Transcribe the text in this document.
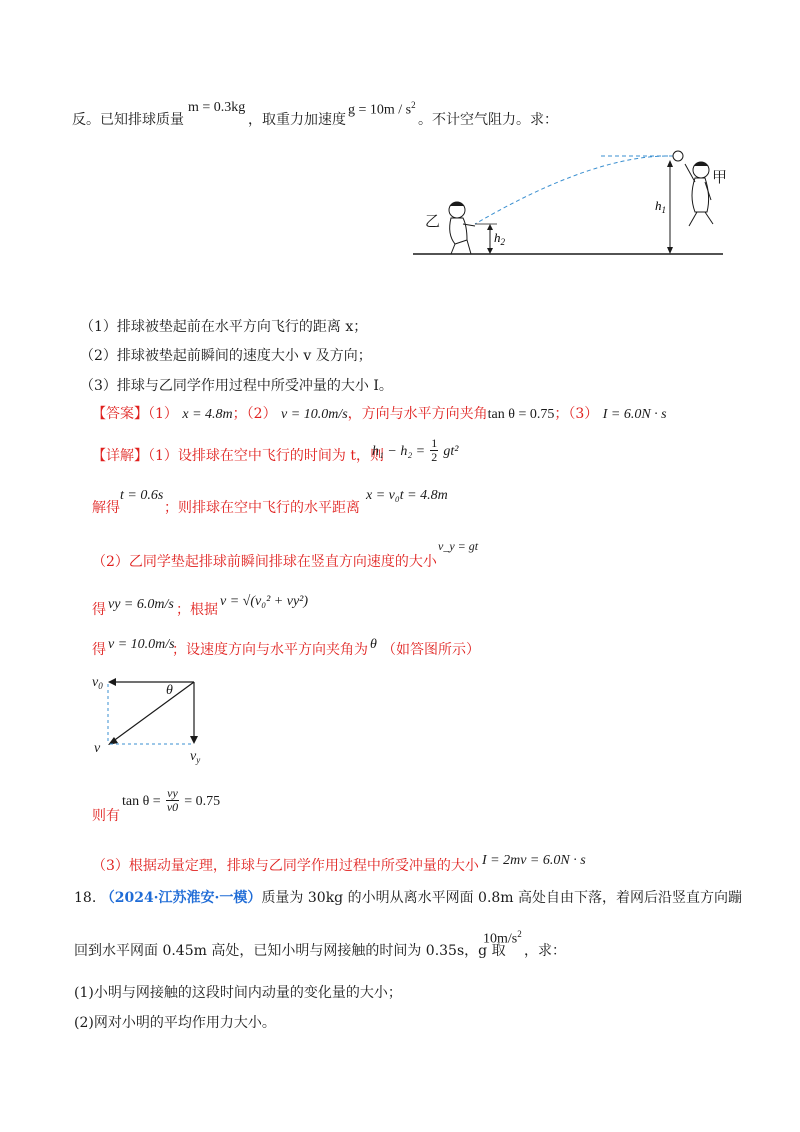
反。已知排球质量
m = 0.3kg
，取重力加速度
$g = 10m / s^2$
。不计空气阻力。求：
$h_1$
$h_2$
甲
乙
（1）排球被垫起前在水平方向飞行的距离 x；
（2）排球被垫起前瞬间的速度大小 v 及方向；
（3）排球与乙同学作用过程中所受冲量的大小 I。
【答案】（1） x = 4.8m；（2） v = 10.0m/s，方向与水平方向夹角tan θ = 0.75；（3） I = 6.0N · s
【详解】（1）设排球在空中飞行的时间为 t，则
$h_1 - h_2 = \frac{1}{2} gt^2$
解得
t = 0.6s
；则排球在空中飞行的水平距离
x = v₀t = 4.8m
（2）乙同学垫起排球前瞬间排球在竖直方向速度的大小
v_y = gt
得 vy = 6.0m/s ；根据
v = √(v₀² + vy²)
得 v = 10.0m/s
；设速度方向与水平方向夹角为 θ （如答图所示）
$v_0$	θ
v
$v_y$
则有
$\tan \theta = \frac{vy}{v0} = 0.75$
（3）根据动量定理，排球与乙同学作用过程中所受冲量的大小 I = 2mv = 6.0N · s
18. （2024·江苏淮安·一模）质量为 30kg 的小明从离水平网面 0.8m 高处自由下落，着网后沿竖直方向蹦
回到水平网面 0.45m 高处，已知小明与网接触的时间为 0.35s，g 取
$10m/s^2$
，求：
(1)小明与网接触的这段时间内动量的变化量的大小；
(2)网对小明的平均作用力大小。
